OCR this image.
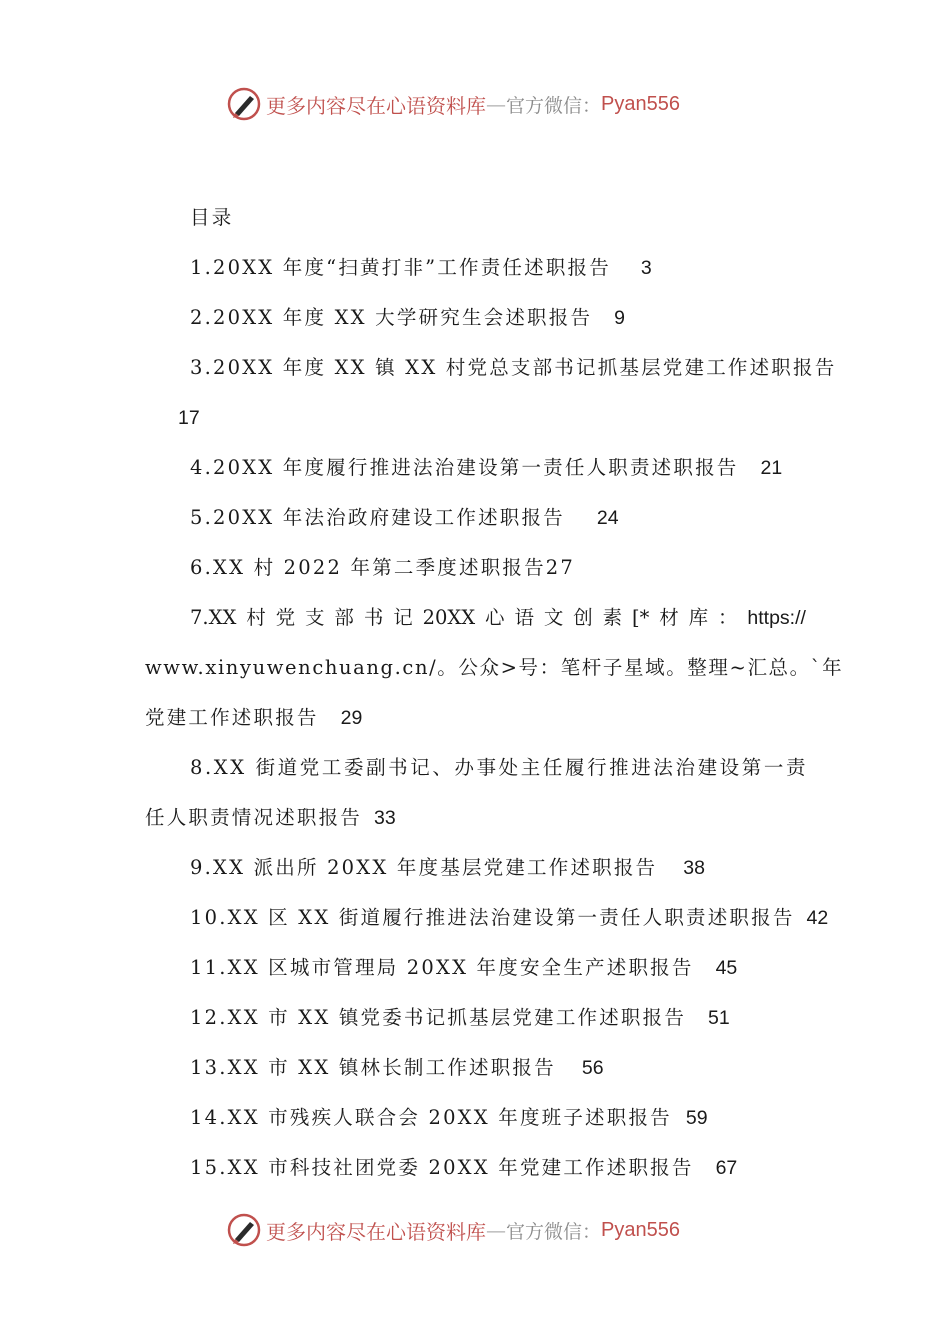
更多内容尽在心语资料库 — 官方微信： Pyan556
目录
1.20XX 年度“扫黄打非”工作责任述职报告 3
2.20XX 年度 XX 大学研究生会述职报告 9
3.20XX 年度 XX 镇 XX 村党总支部书记抓基层党建工作述职报告
17
4.20XX 年度履行推进法治建设第一责任人职责述职报告 21
5.20XX 年法治政府建设工作述职报告 24
6.XX 村 2022 年第二季度述职报告27
7.XX 村 党 支 部 书 记 20XX 心 语 文 创 素 [* 材 库 ： https://
www.xinyuwenchuang.cn/。公众>号：笔杆子星域。整理~汇总。`年
党建工作述职报告 29
8.XX 街道党工委副书记、办事处主任履行推进法治建设第一责
任人职责情况述职报告 33
9.XX 派出所 20XX 年度基层党建工作述职报告 38
10.XX 区 XX 街道履行推进法治建设第一责任人职责述职报告 42
11.XX 区城市管理局 20XX 年度安全生产述职报告 45
12.XX 市 XX 镇党委书记抓基层党建工作述职报告 51
13.XX 市 XX 镇林长制工作述职报告 56
14.XX 市残疾人联合会 20XX 年度班子述职报告 59
15.XX 市科技社团党委 20XX 年党建工作述职报告 67
更多内容尽在心语资料库 — 官方微信： Pyan556
